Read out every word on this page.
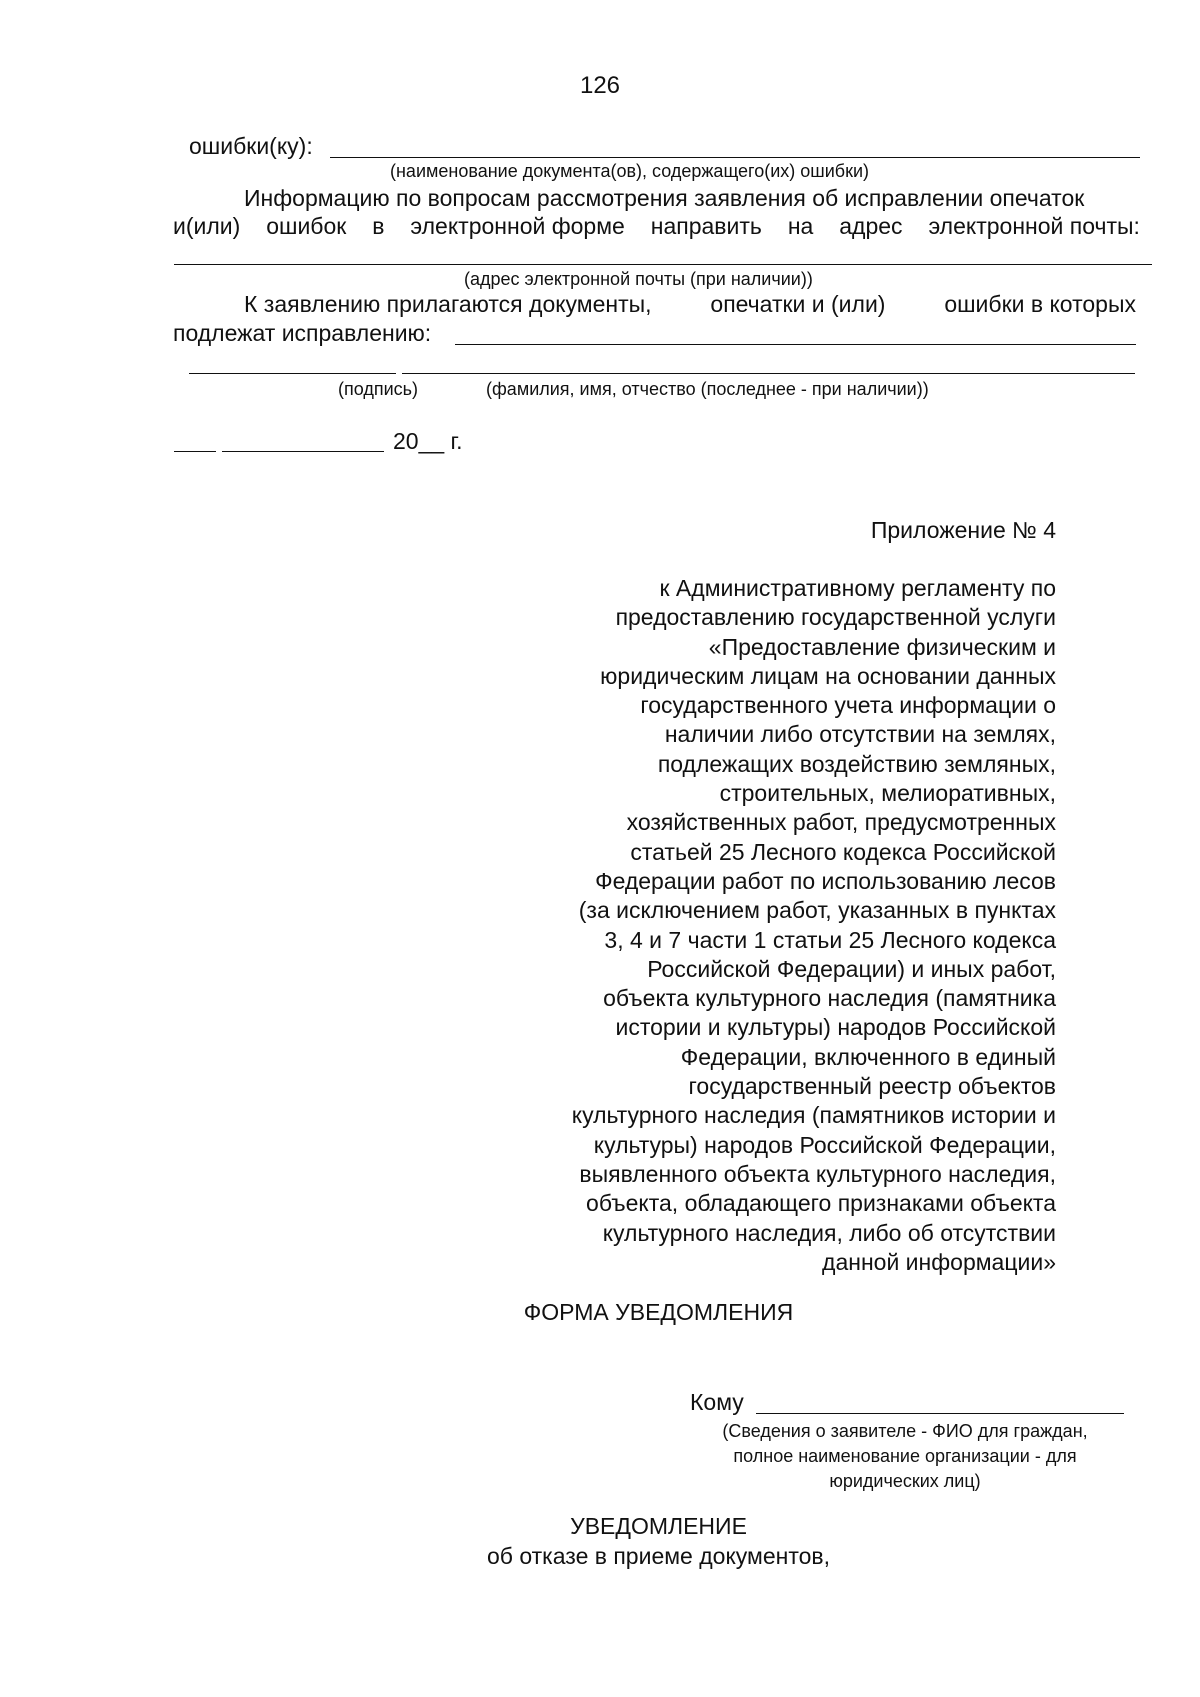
126
ошибки(ку):
(наименование документа(ов), содержащего(их) ошибки)
Информацию по вопросам рассмотрения заявления об исправлении опечаток
и(или) ошибок в электронной форме направить на адрес электронной почты:
(адрес электронной почты (при наличии))
К заявлению прилагаются документы,	опечатки и (или)	ошибки в которых
подлежат исправлению:
(подпись)	(фамилия, имя, отчество (последнее - при наличии))
20__ г.
Приложение № 4
к Административному регламенту по
предоставлению государственной услуги
«Предоставление физическим и
юридическим лицам на основании данных
государственного учета информации о
наличии либо отсутствии на землях,
подлежащих воздействию земляных,
строительных, мелиоративных,
хозяйственных работ, предусмотренных
статьей 25 Лесного кодекса Российской
Федерации работ по использованию лесов
(за исключением работ, указанных в пунктах
3, 4 и 7 части 1 статьи 25 Лесного кодекса
Российской Федерации) и иных работ,
объекта культурного наследия (памятника
истории и культуры) народов Российской
Федерации, включенного в единый
государственный реестр объектов
культурного наследия (памятников истории и
культуры) народов Российской Федерации,
выявленного объекта культурного наследия,
объекта, обладающего признаками объекта
культурного наследия, либо об отсутствии
данной информации»
ФОРМА УВЕДОМЛЕНИЯ
Кому
(Сведения о заявителе - ФИО для граждан,
полное наименование организации - для
юридических лиц)
УВЕДОМЛЕНИЕ
об отказе в приеме документов,
